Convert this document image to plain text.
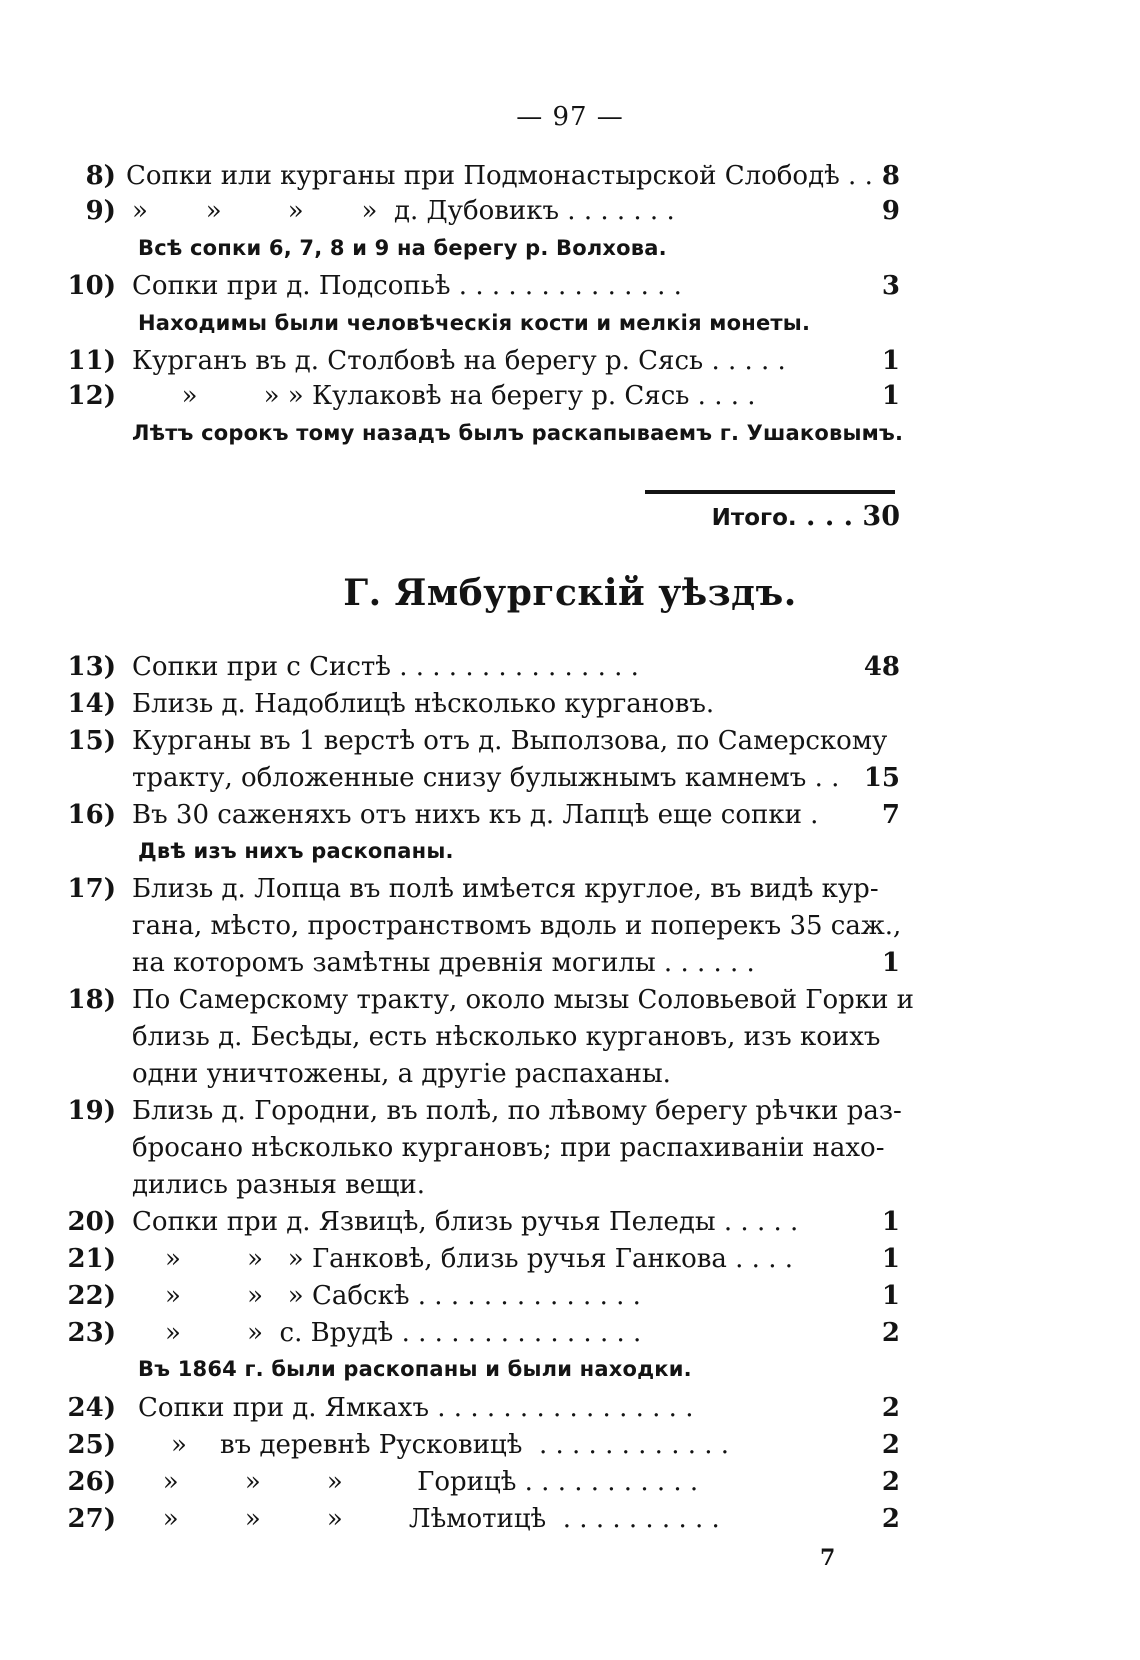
— 97 —
8) Сопки или курганы при Подмонастырской Слободѣ . . 8
9) »       »        »       »  д. Дубовикъ . . . . . . .	9
Всѣ сопки 6, 7, 8 и 9 на берегу р. Волхова.
10) Сопки при д. Подсопьѣ . . . . . . . . . . . . . .	3
Находимы были человѣческія кости и мелкія монеты.
11) Курганъ въ д. Столбовѣ на берегу р. Сясь . . . . .	1
12) »        » » Кулаковѣ на берегу р. Сясь . . . .	1
Лѣтъ сорокъ тому назадъ былъ раскапываемъ г. Ушаковымъ.
Итого. . . . 30
Г. Ямбургскій уѣздъ.
13) Сопки при с Систѣ . . . . . . . . . . . . . . .	48
14) Близь д. Надоблицѣ нѣсколько кургановъ.
15) Курганы въ 1 верстѣ отъ д. Выползова, по Самерскому
тракту, обложенные снизу булыжнымъ камнемъ . . 15
16) Въ 30 саженяхъ отъ нихъ къ д. Лапцѣ еще сопки .	7
Двѣ изъ нихъ раскопаны.
17) Близь д. Лопца въ полѣ имѣется круглое, въ видѣ кур-
гана, мѣсто, пространствомъ вдоль и поперекъ 35 саж.,
на которомъ замѣтны древнія могилы . . . . . .	1
18) По Самерскому тракту, около мызы Соловьевой Горки и
близь д. Бесѣды, есть нѣсколько кургановъ, изъ коихъ
одни уничтожены, а другіе распаханы.
19) Близь д. Городни, въ полѣ, по лѣвому берегу рѣчки раз-
бросано нѣсколько кургановъ; при распахиваніи нахо-
дились разныя вещи.
20) Сопки при д. Язвицѣ, близь ручья Пеледы . . . . .	1
21) »        »   » Ганковѣ, близь ручья Ганкова . . . .	1
22) »        »   » Сабскѣ . . . . . . . . . . . . . .	1
23) »        »  с. Врудѣ . . . . . . . . . . . . . . .	2
Въ 1864 г. были раскопаны и были находки.
24) Сопки при д. Ямкахъ . . . . . . . . . . . . . . . .	2
25) »    въ деревнѣ Русковицѣ  . . . . . . . . . . . .	2
26) »        »        »         Горицѣ . . . . . . . . . . .	2
27) »        »        »        Лѣмотицѣ  . . . . . . . . . .	2
7
